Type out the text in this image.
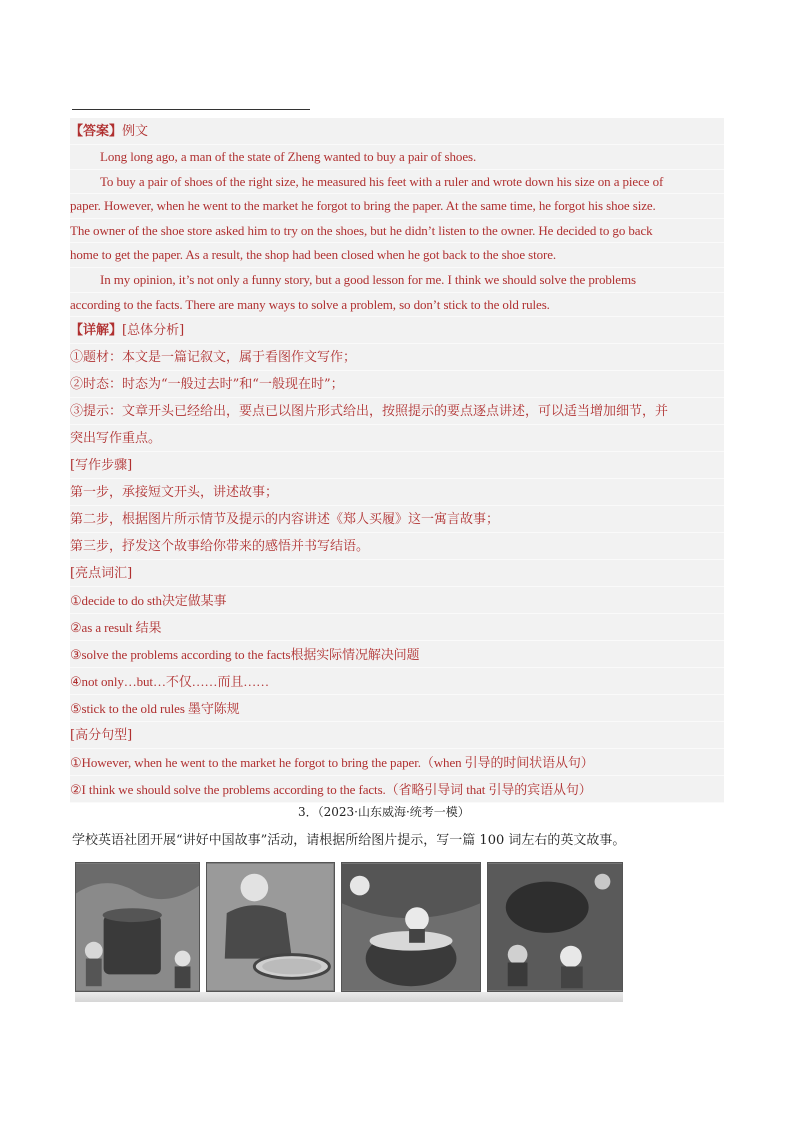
【答案】例文
Long long ago, a man of the state of Zheng wanted to buy a pair of shoes.
To buy a pair of shoes of the right size, he measured his feet with a ruler and wrote down his size on a piece of
paper. However, when he went to the market he forgot to bring the paper. At the same time, he forgot his shoe size.
The owner of the shoe store asked him to try on the shoes, but he didn’t listen to the owner. He decided to go back
home to get the paper. As a result, the shop had been closed when he got back to the shoe store.
In my opinion, it’s not only a funny story, but a good lesson for me. I think we should solve the problems
according to the facts. There are many ways to solve a problem, so don’t stick to the old rules.
【详解】[总体分析]
①题材：本文是一篇记叙文，属于看图作文写作；
②时态：时态为“一般过去时”和“一般现在时”；
③提示：文章开头已经给出，要点已以图片形式给出，按照提示的要点逐点讲述，可以适当增加细节，并
突出写作重点。
[写作步骤]
第一步，承接短文开头，讲述故事；
第二步，根据图片所示情节及提示的内容讲述《郑人买履》这一寓言故事；
第三步，抒发这个故事给你带来的感悟并书写结语。
[亮点词汇]
①decide to do sth决定做某事
②as a result 结果
③solve the problems according to the facts根据实际情况解决问题
④not only…but…不仅……而且……
⑤stick to the old rules 墨守陈规
[高分句型]
①However, when he went to the market he forgot to bring the paper.（when 引导的时间状语从句）
②I think we should solve the problems according to the facts.（省略引导词 that 引导的宾语从句）
3．（2023·山东威海·统考一模）
学校英语社团开展“讲好中国故事”活动，请根据所给图片提示，写一篇 100 词左右的英文故事。
